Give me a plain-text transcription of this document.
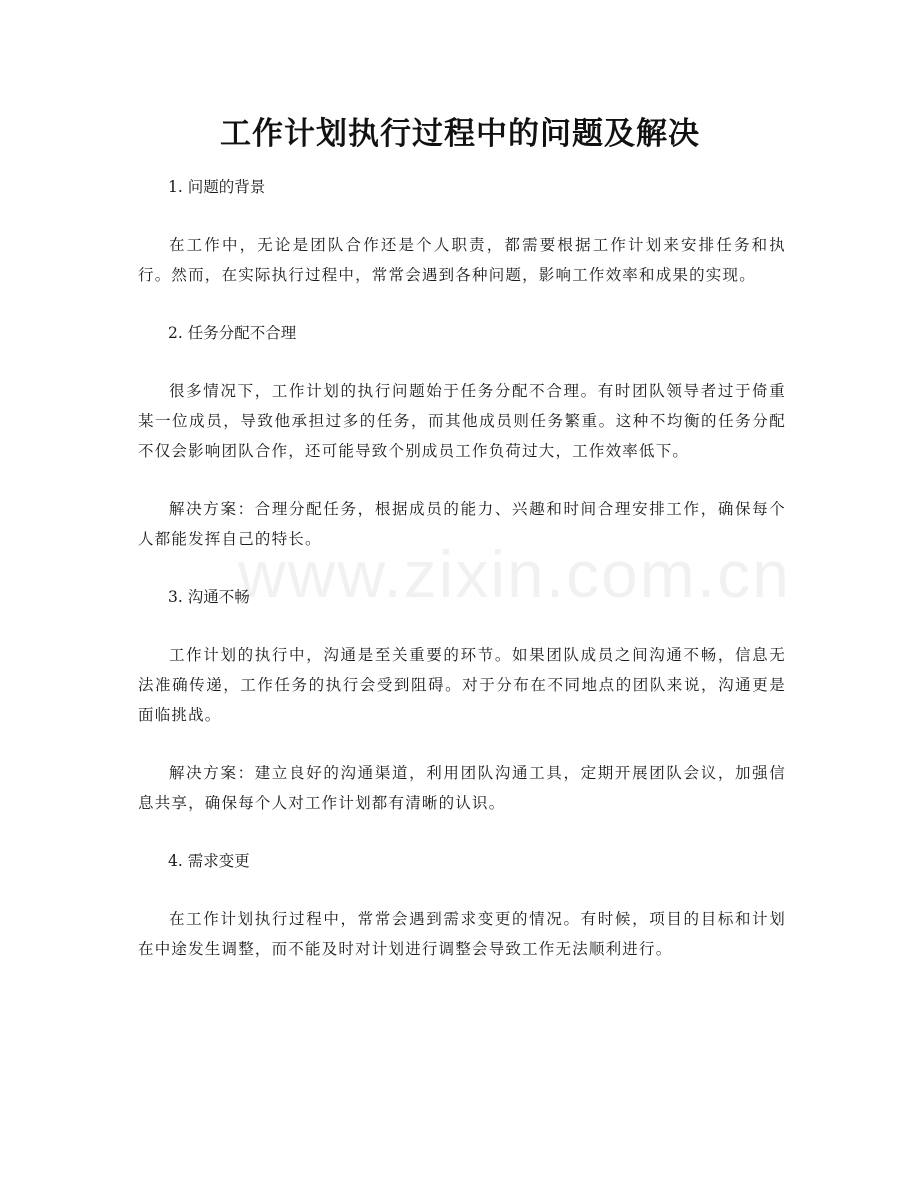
工作计划执行过程中的问题及解决
www.zixin.com.cn

1. 问题的背景

在工作中，无论是团队合作还是个人职责，都需要根据工作计划来安排任务和执行。然而，在实际执行过程中，常常会遇到各种问题，影响工作效率和成果的实现。

2. 任务分配不合理

很多情况下，工作计划的执行问题始于任务分配不合理。有时团队领导者过于倚重某一位成员，导致他承担过多的任务，而其他成员则任务繁重。这种不均衡的任务分配不仅会影响团队合作，还可能导致个别成员工作负荷过大，工作效率低下。

解决方案：合理分配任务，根据成员的能力、兴趣和时间合理安排工作，确保每个人都能发挥自己的特长。

3. 沟通不畅

工作计划的执行中，沟通是至关重要的环节。如果团队成员之间沟通不畅，信息无法准确传递，工作任务的执行会受到阻碍。对于分布在不同地点的团队来说，沟通更是面临挑战。

解决方案：建立良好的沟通渠道，利用团队沟通工具，定期开展团队会议，加强信息共享，确保每个人对工作计划都有清晰的认识。

4. 需求变更

在工作计划执行过程中，常常会遇到需求变更的情况。有时候，项目的目标和计划在中途发生调整，而不能及时对计划进行调整会导致工作无法顺利进行。
